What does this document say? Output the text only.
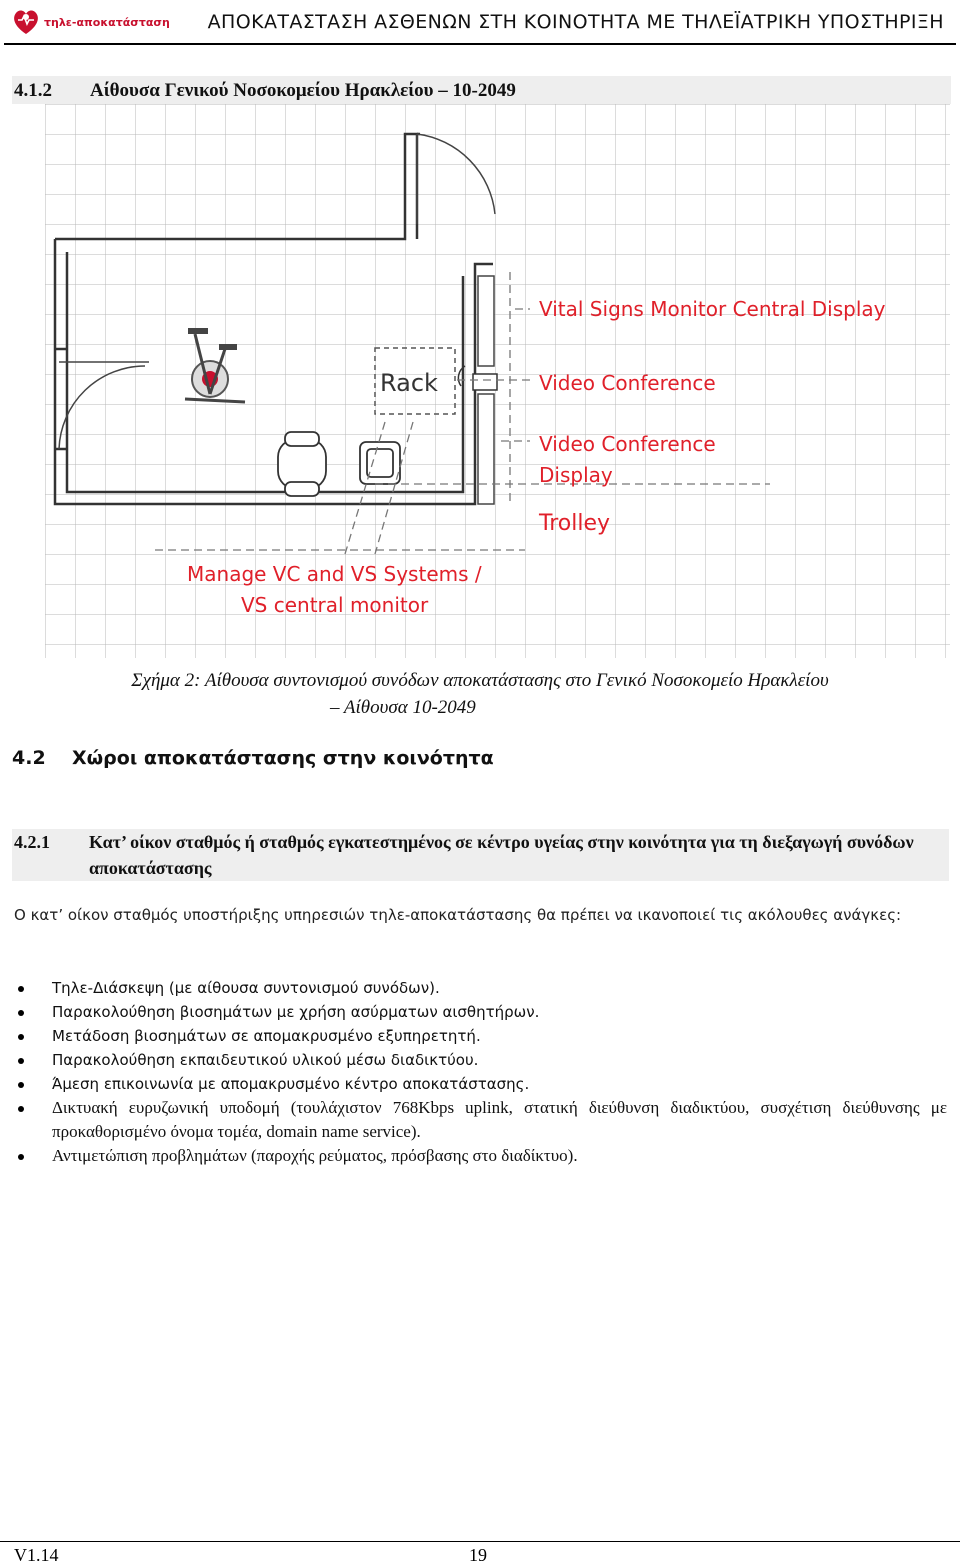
τηλε-αποκατάσταση ΑΠΟΚΑΤΑΣΤΑΣΗ ΑΣΘΕΝΩΝ ΣΤΗ ΚΟΙΝΟΤΗΤΑ ΜΕ ΤΗΛΕΪΑΤΡΙΚΗ ΥΠΟΣΤΗΡΙΞΗ
4.1.2 Αίθουσα Γενικού Νοσοκομείου Ηρακλείου – 10-2049
Rack
Vital Signs Monitor Central Display
Video Conference
Video Conference
Display
Trolley
Manage VC and VS Systems /
VS central monitor
Σχήμα 2: Αίθουσα συντονισμού συνόδων αποκατάστασης στο Γενικό Νοσοκομείο Ηρακλείου
– Αίθουσα 10-2049
4.2 Χώροι αποκατάστασης στην κοινότητα
4.2.1 Κατ’ οίκον σταθμός ή σταθμός εγκατεστημένος σε κέντρο υγείας στην κοινότητα για τη διεξαγωγή συνόδων αποκατάστασης
Ο κατ’ οίκον σταθμός υποστήριξης υπηρεσιών τηλε-αποκατάστασης θα πρέπει να ικανοποιεί τις ακόλουθες ανάγκες:
Τηλε-Διάσκεψη (με αίθουσα συντονισμού συνόδων).
Παρακολούθηση βιοσημάτων με χρήση ασύρματων αισθητήρων.
Μετάδοση βιοσημάτων σε απομακρυσμένο εξυπηρετητή.
Παρακολούθηση εκπαιδευτικού υλικού μέσω διαδικτύου.
Άμεση επικοινωνία με απομακρυσμένο κέντρο αποκατάστασης.
Δικτυακή ευρυζωνική υποδομή (τουλάχιστον 768Kbps uplink, στατική διεύθυνση διαδικτύου, συσχέτιση διεύθυνσης με προκαθορισμένο όνομα τομέα, domain name service).
Αντιμετώπιση προβλημάτων (παροχής ρεύματος, πρόσβασης στο διαδίκτυο).
V1.14	19
